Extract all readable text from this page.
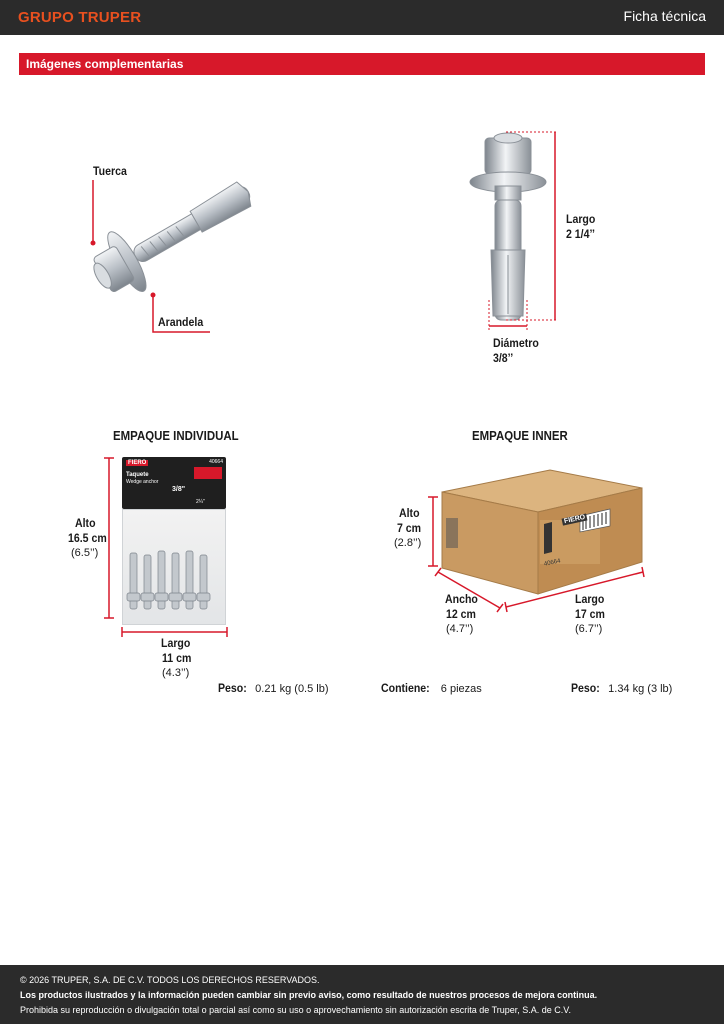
GRUPO TRUPER	Ficha técnica
Imágenes complementarias
Tuerca
Arandela
Largo
2 1/4’’
Diámetro
3/8’’
EMPAQUE INDIVIDUAL
FIERO	40664
Taquete
Wedge anchor
3/8"
2¼"
Alto
16.5 cm
(6.5’’)
Largo
11 cm
(4.3’’)
Peso: 0.21 kg (0.5 lb)
EMPAQUE INNER
FIERO
40664
Alto
7 cm
(2.8’’)
Ancho
12 cm
(4.7’’)
Largo
17 cm
(6.7’’)
Contiene: 6 piezas	Peso: 1.34 kg (3 lb)
© 2026 TRUPER, S.A. DE C.V. TODOS LOS DERECHOS RESERVADOS.
Los productos ilustrados y la información pueden cambiar sin previo aviso, como resultado de nuestros procesos de mejora continua.
Prohibida su reproducción o divulgación total o parcial así como su uso o aprovechamiento sin autorización escrita de Truper, S.A. de C.V.
